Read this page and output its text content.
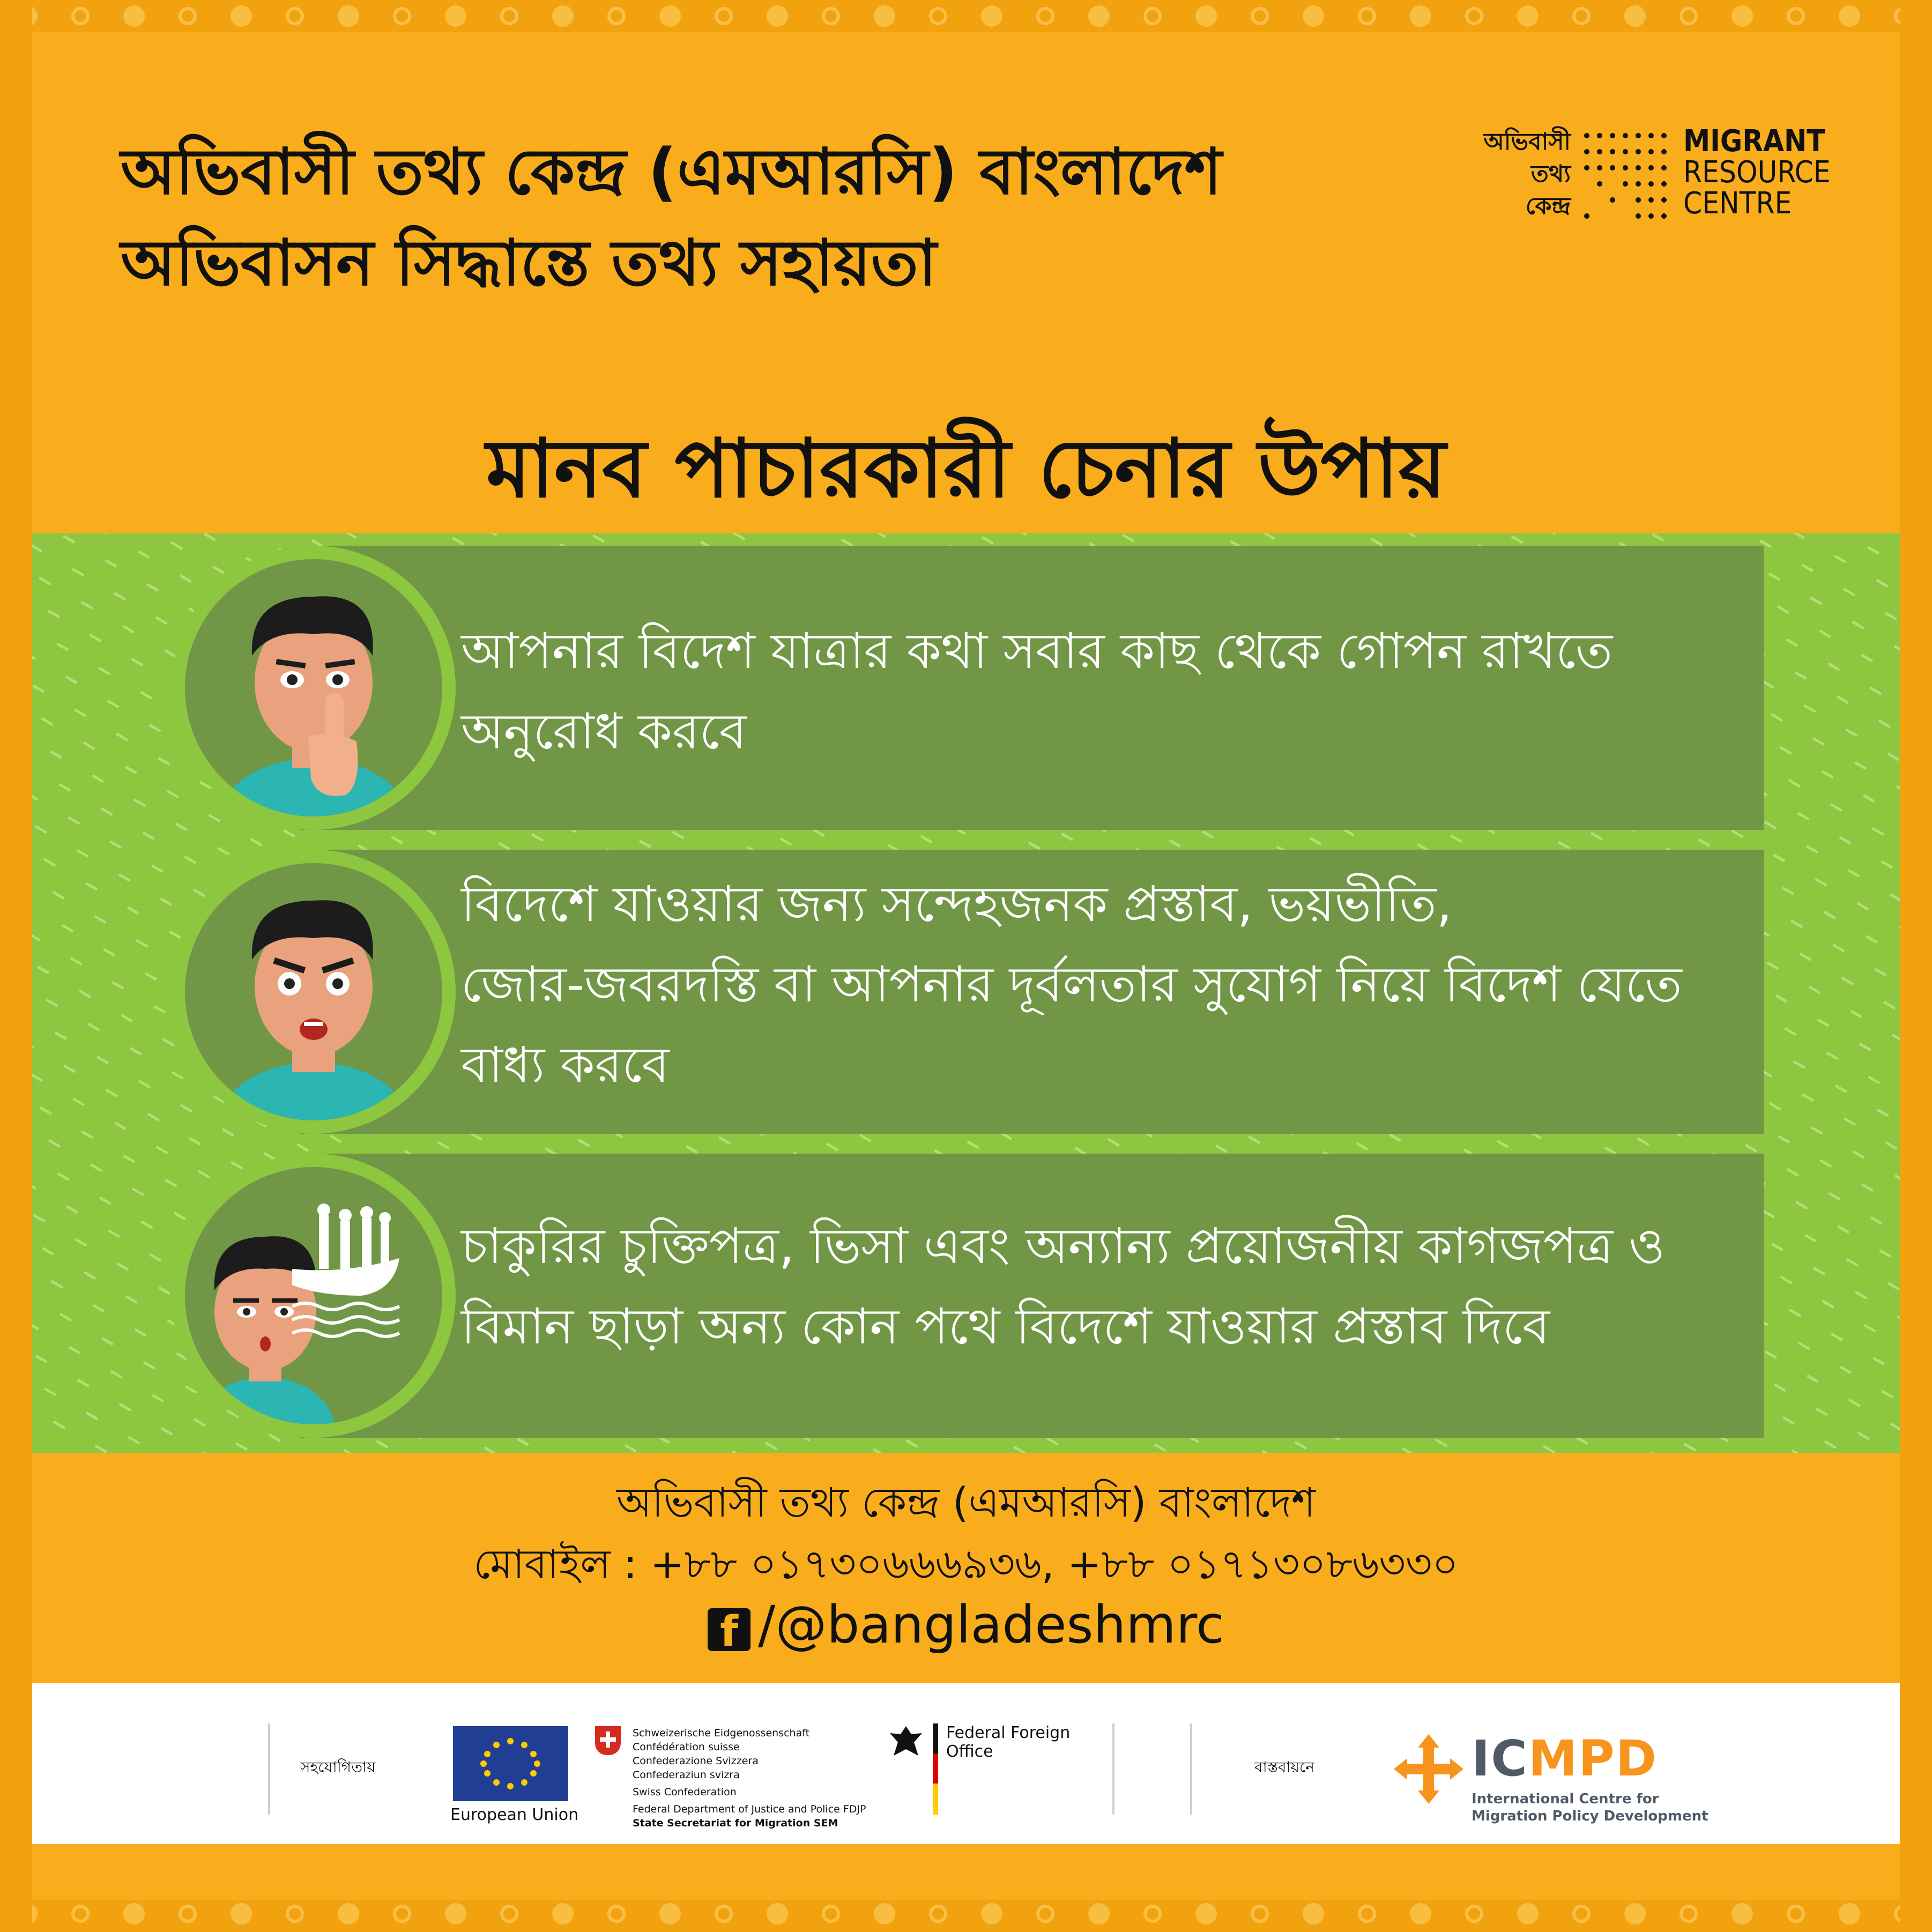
অভিবাসী তথ্য কেন্দ্র (এমআরসি) বাংলাদেশ
অভিবাসন সিদ্ধান্তে তথ্য সহায়তা
অভিবাসী
তথ্য
কেন্দ্র
MIGRANT
RESOURCE
CENTRE
মানব পাচারকারী চেনার উপায়
আপনার বিদেশ যাত্রার কথা সবার কাছ থেকে গোপন রাখতে
অনুরোধ করবে
বিদেশে যাওয়ার জন্য সন্দেহজনক প্রস্তাব, ভয়ভীতি,
জোর-জবরদস্তি বা আপনার দূর্বলতার সুযোগ নিয়ে বিদেশ যেতে
বাধ্য করবে
চাকুরির চুক্তিপত্র, ভিসা এবং অন্যান্য প্রয়োজনীয় কাগজপত্র ও
বিমান ছাড়া অন্য কোন পথে বিদেশে যাওয়ার প্রস্তাব দিবে
অভিবাসী তথ্য কেন্দ্র (এমআরসি) বাংলাদেশ
মোবাইল : +৮৮ ০১৭৩০৬৬৬৯৩৬, +৮৮ ০১৭১৩০৮৬৩৩০
f /@bangladeshmrc
সহযোগিতায়
European Union
Schweizerische Eidgenossenschaft
Confédération suisse
Confederazione Svizzera
Confederaziun svizra
Swiss Confederation
Federal Department of Justice and Police FDJP
State Secretariat for Migration SEM
Federal Foreign Office
বাস্তবায়নে	ICMPD
International Centre for
Migration Policy Development
